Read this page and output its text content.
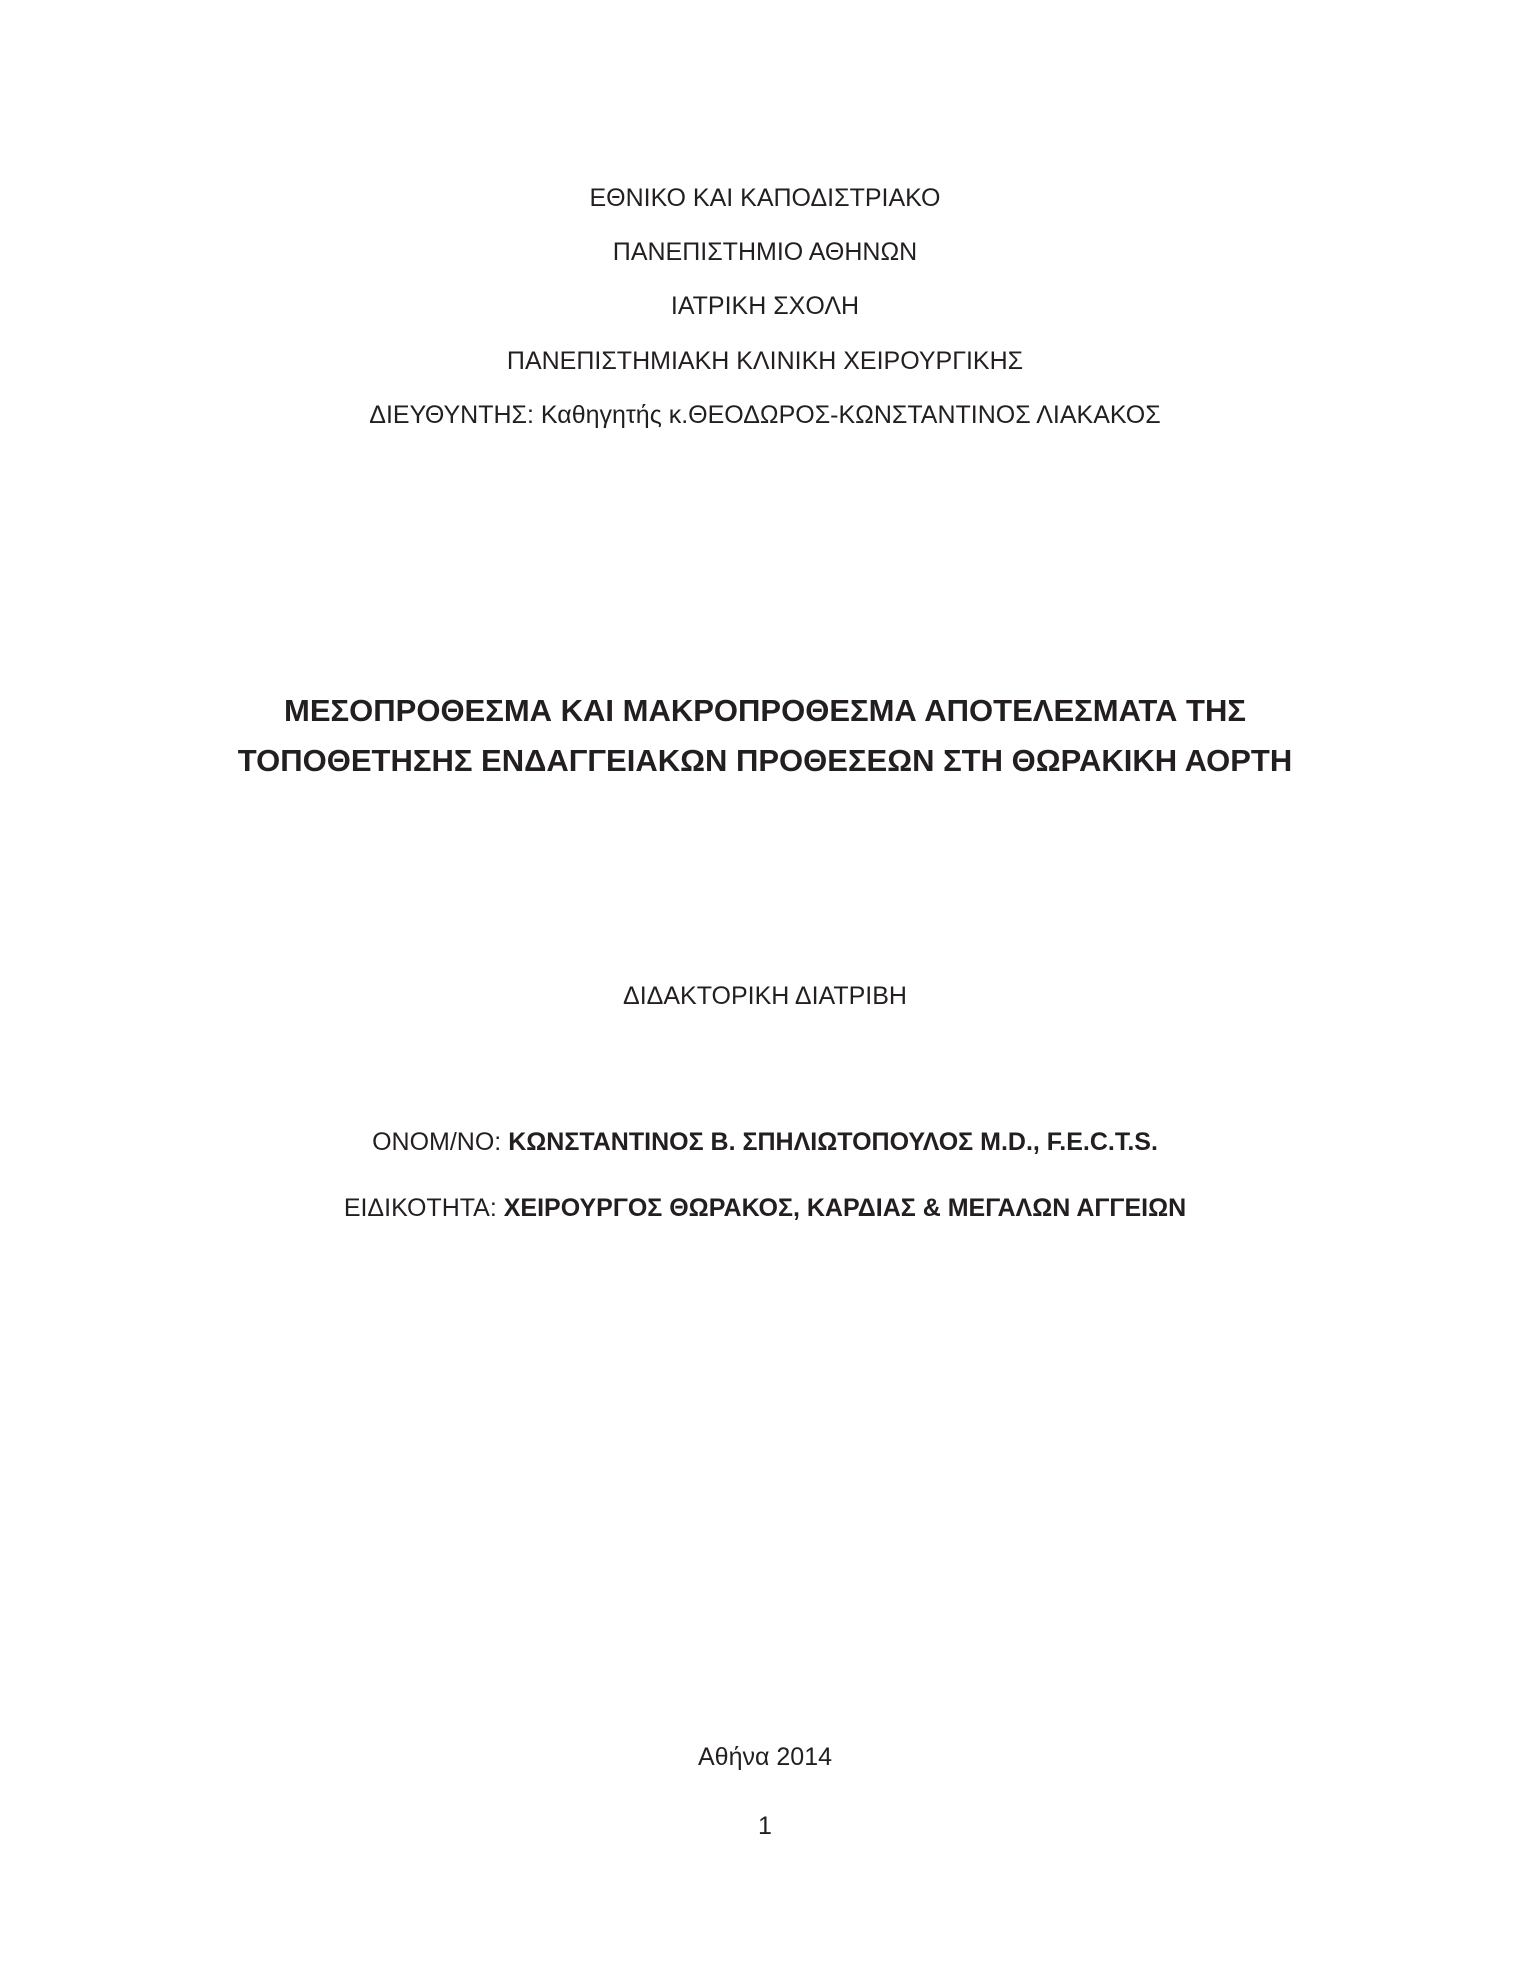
ΕΘΝΙΚΟ ΚΑΙ ΚΑΠΟΔΙΣΤΡΙΑΚΟ
ΠΑΝΕΠΙΣΤΗΜΙΟ ΑΘΗΝΩΝ
ΙΑΤΡΙΚΗ ΣΧΟΛΗ
ΠΑΝΕΠΙΣΤΗΜΙΑΚΗ ΚΛΙΝΙΚΗ ΧΕΙΡΟΥΡΓΙΚΗΣ
ΔΙΕΥΘΥΝΤΗΣ: Καθηγητής κ.ΘΕΟΔΩΡΟΣ-ΚΩΝΣΤΑΝΤΙΝΟΣ ΛΙΑΚΑΚΟΣ
ΜΕΣΟΠΡΟΘΕΣΜΑ ΚΑΙ ΜΑΚΡΟΠΡΟΘΕΣΜΑ ΑΠΟΤΕΛΕΣΜΑΤΑ ΤΗΣ
ΤΟΠΟΘΕΤΗΣΗΣ ΕΝΔΑΓΓΕΙΑΚΩΝ ΠΡΟΘΕΣΕΩΝ ΣΤΗ ΘΩΡΑΚΙΚΗ ΑΟΡΤΗ
ΔΙΔΑΚΤΟΡΙΚΗ ΔΙΑΤΡΙΒΗ
ΟΝΟΜ/ΝΟ: ΚΩΝΣΤΑΝΤΙΝΟΣ Β. ΣΠΗΛΙΩΤΟΠΟΥΛΟΣ M.D., F.E.C.T.S.
ΕΙΔΙΚΟΤΗΤΑ: ΧΕΙΡΟΥΡΓΟΣ ΘΩΡΑΚΟΣ, ΚΑΡΔΙΑΣ & ΜΕΓΑΛΩΝ ΑΓΓΕΙΩΝ
Αθήνα 2014
1
